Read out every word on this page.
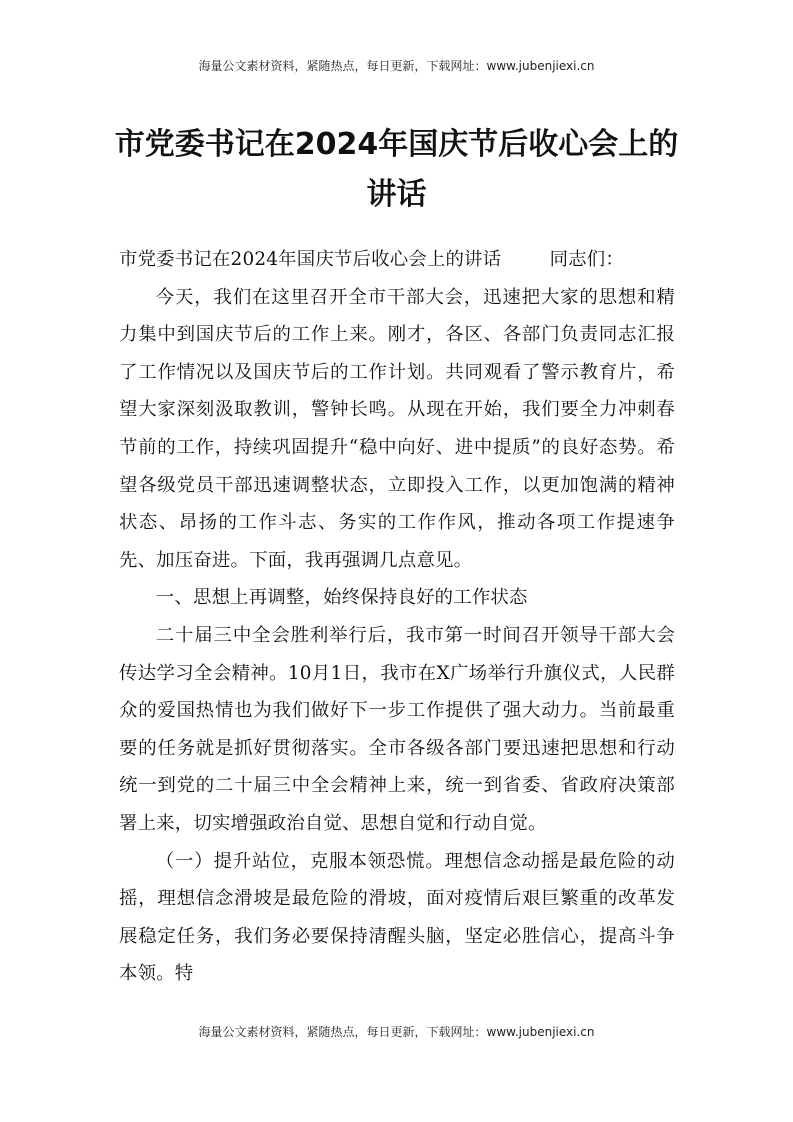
海量公文素材资料，紧随热点，每日更新，下载网址：www.jubenjiexi.cn
市党委书记在2024年国庆节后收心会上的讲话

市党委书记在2024年国庆节后收心会上的讲话        同志们：

今天，我们在这里召开全市干部大会，迅速把大家的思想和精力集中到国庆节后的工作上来。刚才，各区、各部门负责同志汇报了工作情况以及国庆节后的工作计划。共同观看了警示教育片，希望大家深刻汲取教训，警钟长鸣。从现在开始，我们要全力冲刺春节前的工作，持续巩固提升“稳中向好、进中提质”的良好态势。希望各级党员干部迅速调整状态，立即投入工作，以更加饱满的精神状态、昂扬的工作斗志、务实的工作作风，推动各项工作提速争先、加压奋进。下面，我再强调几点意见。

一、思想上再调整，始终保持良好的工作状态

二十届三中全会胜利举行后，我市第一时间召开领导干部大会传达学习全会精神。10月1日，我市在X广场举行升旗仪式，人民群众的爱国热情也为我们做好下一步工作提供了强大动力。当前最重要的任务就是抓好贯彻落实。全市各级各部门要迅速把思想和行动统一到党的二十届三中全会精神上来，统一到省委、省政府决策部署上来，切实增强政治自觉、思想自觉和行动自觉。

（一）提升站位，克服本领恐慌。理想信念动摇是最危险的动摇，理想信念滑坡是最危险的滑坡，面对疫情后艰巨繁重的改革发展稳定任务，我们务必要保持清醒头脑，坚定必胜信心，提高斗争本领。特

海量公文素材资料，紧随热点，每日更新，下载网址：www.jubenjiexi.cn
